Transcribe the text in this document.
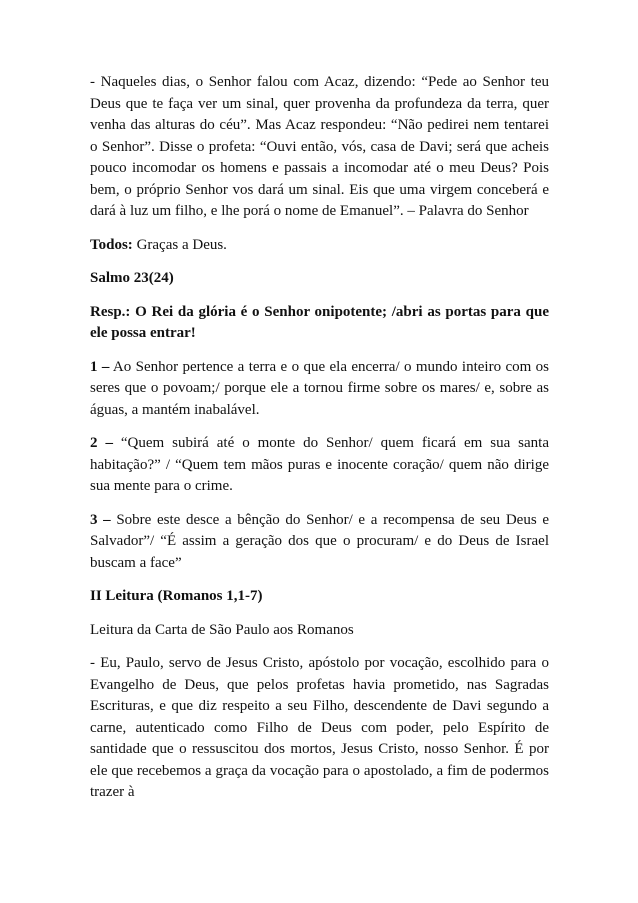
- Naqueles dias, o Senhor falou com Acaz, dizendo: “Pede ao Senhor teu Deus que te faça ver um sinal, quer provenha da profundeza da terra, quer venha das alturas do céu”. Mas Acaz respondeu: “Não pedirei nem tentarei o Senhor”. Disse o profeta: “Ouvi então, vós, casa de Davi; será que acheis pouco incomodar os homens e passais a incomodar até o meu Deus? Pois bem, o próprio Senhor vos dará um sinal. Eis que uma virgem conceberá e dará à luz um filho, e lhe porá o nome de Emanuel”. – Palavra do Senhor

Todos: Graças a Deus.

Salmo 23(24)

Resp.: O Rei da glória é o Senhor onipotente; /abri as portas para que ele possa entrar!

1 – Ao Senhor pertence a terra e o que ela encerra/ o mundo inteiro com os seres que o povoam;/ porque ele a tornou firme sobre os mares/ e, sobre as águas, a mantém inabalável.

2 – “Quem subirá até o monte do Senhor/ quem ficará em sua santa habitação?” / “Quem tem mãos puras e inocente coração/ quem não dirige sua mente para o crime.

3 – Sobre este desce a bênção do Senhor/ e a recompensa de seu Deus e Salvador”/ “É assim a geração dos que o procuram/ e do Deus de Israel buscam a face”

II Leitura (Romanos 1,1-7)

Leitura da Carta de São Paulo aos Romanos

- Eu, Paulo, servo de Jesus Cristo, apóstolo por vocação, escolhido para o Evangelho de Deus, que pelos profetas havia prometido, nas Sagradas Escrituras, e que diz respeito a seu Filho, descendente de Davi segundo a carne, autenticado como Filho de Deus com poder, pelo Espírito de santidade que o ressuscitou dos mortos, Jesus Cristo, nosso Senhor. É por ele que recebemos a graça da vocação para o apostolado, a fim de podermos trazer à
